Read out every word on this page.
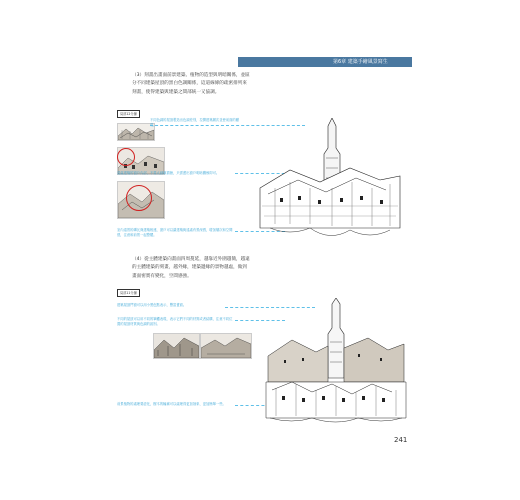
第6章 建築手繪風景寫生
（3）刻畫出畫面前景建築、植物的造型與明暗關係，並區分不同建築屋頂的黑白色調關係，這道線條的疏密排列來刻畫，使得建築與建築之間部統一又協調。
局部12分鐘
不同色調的屋頂製造出色調差別，拉開建築層次並使前面的顯現。
遠處建築的窗戶內部，不要太細緻描繪，只需畫出窗戶明暗關係即可。
室內遠景的磚瓦與建築相連，窗戶可以讓建築與遠處有景深感，增加層次和空間感，注意和前景一起整體。
（4）從主體建築向畫面四周蔓延，越靠近外圍越簡，越遠的主體建築的刻畫，越外緣，建築邊緣的景物越虛，做到畫面密實有變化，空間感強。
局部11分鐘
建築屋頂門窗可以用小黑色點表示，豐富畫面。
不同的屋頂可以用不同的筆觸表現，表示它們不同的材質或者結構，注意不同位置的屋頂材質與色調的區別。
前景植物的處理要虛化，樹木的輪廓可以處理得更加抽象、更加簡單一些。
241
